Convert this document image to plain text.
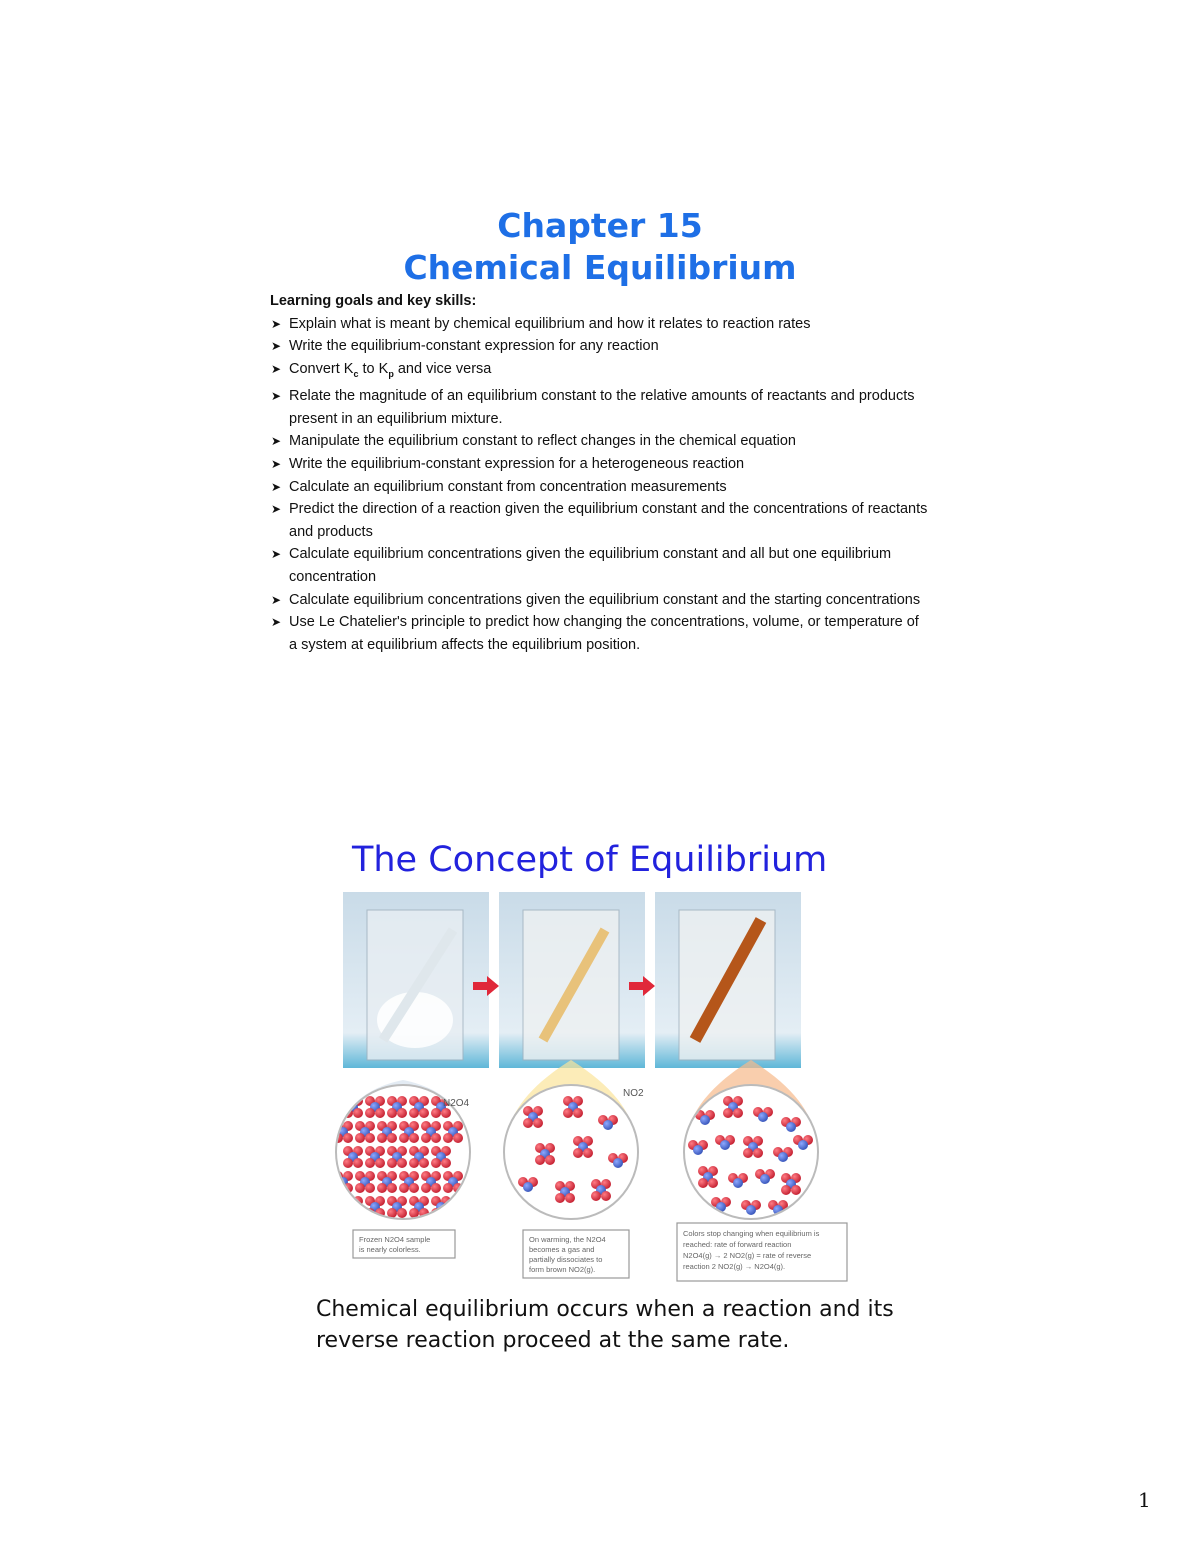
Chapter 15
Chemical Equilibrium
Learning goals and key skills:
➤ Explain what is meant by chemical equilibrium and how it relates to reaction rates
➤ Write the equilibrium-constant expression for any reaction
➤ Convert $K_c$ to $K_p$ and vice versa
➤ Relate the magnitude of an equilibrium constant to the relative amounts of reactants and products present in an equilibrium mixture.
➤ Manipulate the equilibrium constant to reflect changes in the chemical equation
➤ Write the equilibrium-constant expression for a heterogeneous reaction
➤ Calculate an equilibrium constant from concentration measurements
➤ Predict the direction of a reaction given the equilibrium constant and the concentrations of reactants and products
➤ Calculate equilibrium concentrations given the equilibrium constant and all but one equilibrium concentration
➤ Calculate equilibrium concentrations given the equilibrium constant and the starting concentrations
➤ Use Le Chatelier's principle to predict how changing the concentrations, volume, or temperature of a system at equilibrium affects the equilibrium position.
The Concept of Equilibrium
N2O4
NO2
Frozen N2O4 sample
is nearly colorless.
On warming, the N2O4
becomes a gas and
partially dissociates to
form brown NO2(g).
Colors stop changing when equilibrium is
reached: rate of forward reaction
N2O4(g) → 2 NO2(g) = rate of reverse
reaction 2 NO2(g) → N2O4(g).
Chemical equilibrium occurs when a reaction and its reverse reaction proceed at the same rate.
1
